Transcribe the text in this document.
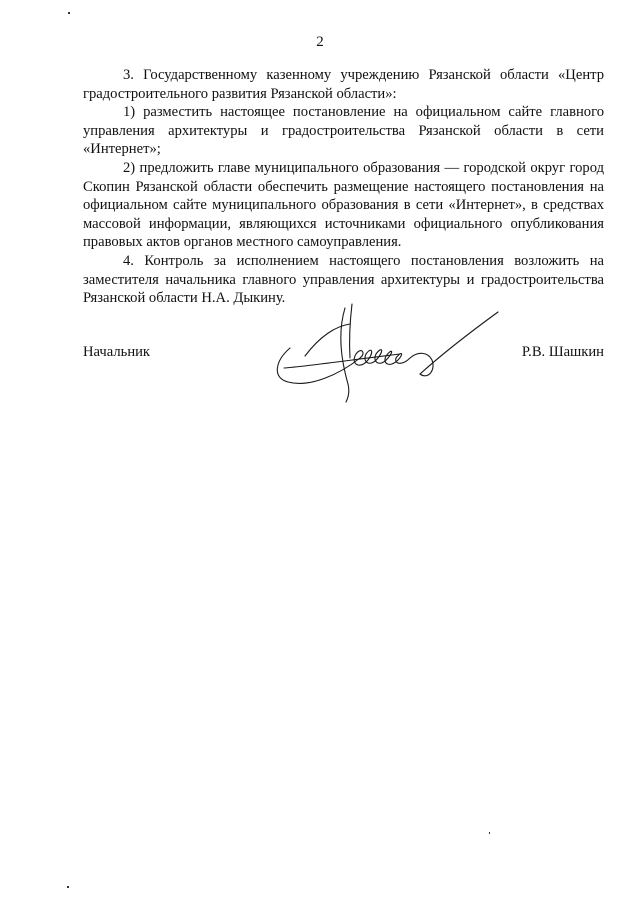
2

3. Государственному казенному учреждению Рязанской области «Центр градостроительного развития Рязанской области»:

1) разместить настоящее постановление на официальном сайте главного управления архитектуры и градостроительства Рязанской области в сети «Интернет»;

2) предложить главе муниципального образования — городской округ город Скопин Рязанской области обеспечить размещение настоящего постановления на официальном сайте муниципального образования в сети «Интернет», в средствах массовой информации, являющихся источниками официального опубликования правовых актов органов местного самоуправления.

4. Контроль за исполнением настоящего постановления возложить на заместителя начальника главного управления архитектуры и градостроительства Рязанской области Н.А. Дыкину.

Начальник	Р.В. Шашкин
